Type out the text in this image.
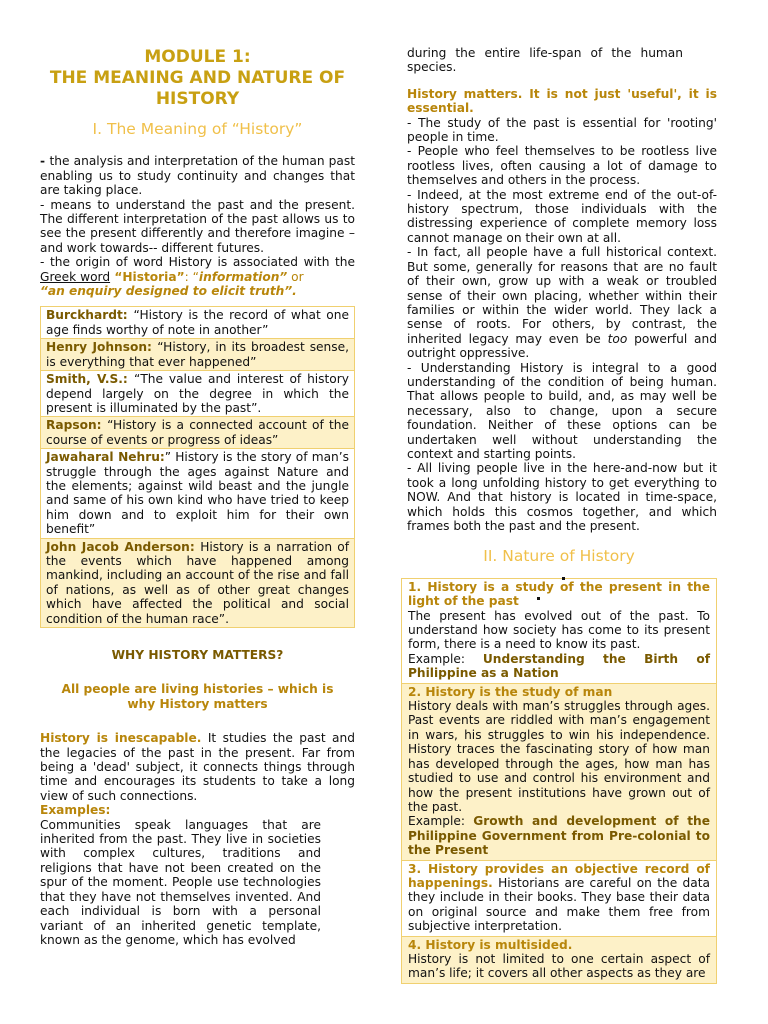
MODULE 1:

THE MEANING AND NATURE OF

HISTORY

I. The Meaning of “History”

- the analysis and interpretation of the human past enabling us to study continuity and changes that are taking place.

- means to understand the past and the present. The different interpretation of the past allows us to see the present differently and therefore imagine – and work towards-- different futures.

- the origin of word History is associated with the Greek word “Historia”: “information” or
“an enquiry designed to elicit truth”.

Burckhardt: “History is the record of what one age finds worthy of note in another”
Henry Johnson: “History, in its broadest sense, is everything that ever happened”
Smith, V.S.: “The value and interest of history depend largely on the degree in which the present is illuminated by the past”.
Rapson: “History is a connected account of the course of events or progress of ideas”
Jawaharal Nehru:” History is the story of man’s struggle through the ages against Nature and the elements; against wild beast and the jungle and same of his own kind who have tried to keep him down and to exploit him for their own benefit”
John Jacob Anderson: History is a narration of the events which have happened among mankind, including an account of the rise and fall of nations, as well as of other great changes which have affected the political and social condition of the human race”.

WHY HISTORY MATTERS?

All people are living histories – which is why History matters

History is inescapable. It studies the past and the legacies of the past in the present. Far from being a 'dead' subject, it connects things through time and encourages its students to take a long view of such connections.

Examples:

Communities speak languages that are inherited from the past. They live in societies with complex cultures, traditions and religions that have not been created on the spur of the moment. People use technologies that they have not themselves invented. And each individual is born with a personal variant of an inherited genetic template, known as the genome, which has evolved

during the entire life-span of the human species.

History matters. It is not just 'useful', it is essential.

- The study of the past is essential for 'rooting' people in time.

- People who feel themselves to be rootless live rootless lives, often causing a lot of damage to themselves and others in the process.

- Indeed, at the most extreme end of the out-of-history spectrum, those individuals with the distressing experience of complete memory loss cannot manage on their own at all.

- In fact, all people have a full historical context. But some, generally for reasons that are no fault of their own, grow up with a weak or troubled sense of their own placing, whether within their families or within the wider world. They lack a sense of roots. For others, by contrast, the inherited legacy may even be too powerful and outright oppressive.

- Understanding History is integral to a good understanding of the condition of being human. That allows people to build, and, as may well be necessary, also to change, upon a secure foundation. Neither of these options can be undertaken well without understanding the context and starting points.

- All living people live in the here-and-now but it took a long unfolding history to get everything to NOW. And that history is located in time-space, which holds this cosmos together, and which frames both the past and the present.

II. Nature of History

1. History is a study of the present in the light of the past
The present has evolved out of the past. To understand how society has come to its present form, there is a need to know its past.
Example: Understanding the Birth of Philippine as a Nation
2. History is the study of man
History deals with man’s struggles through ages. Past events are riddled with man’s engagement in wars, his struggles to win his independence. History traces the fascinating story of how man has developed through the ages, how man has studied to use and control his environment and how the present institutions have grown out of the past.
Example: Growth and development of the Philippine Government from Pre-colonial to the Present
3. History provides an objective record of happenings. Historians are careful on the data they include in their books. They base their data on original source and make them free from subjective interpretation.
4. History is multisided.
History is not limited to one certain aspect of man’s life; it covers all other aspects as they are
